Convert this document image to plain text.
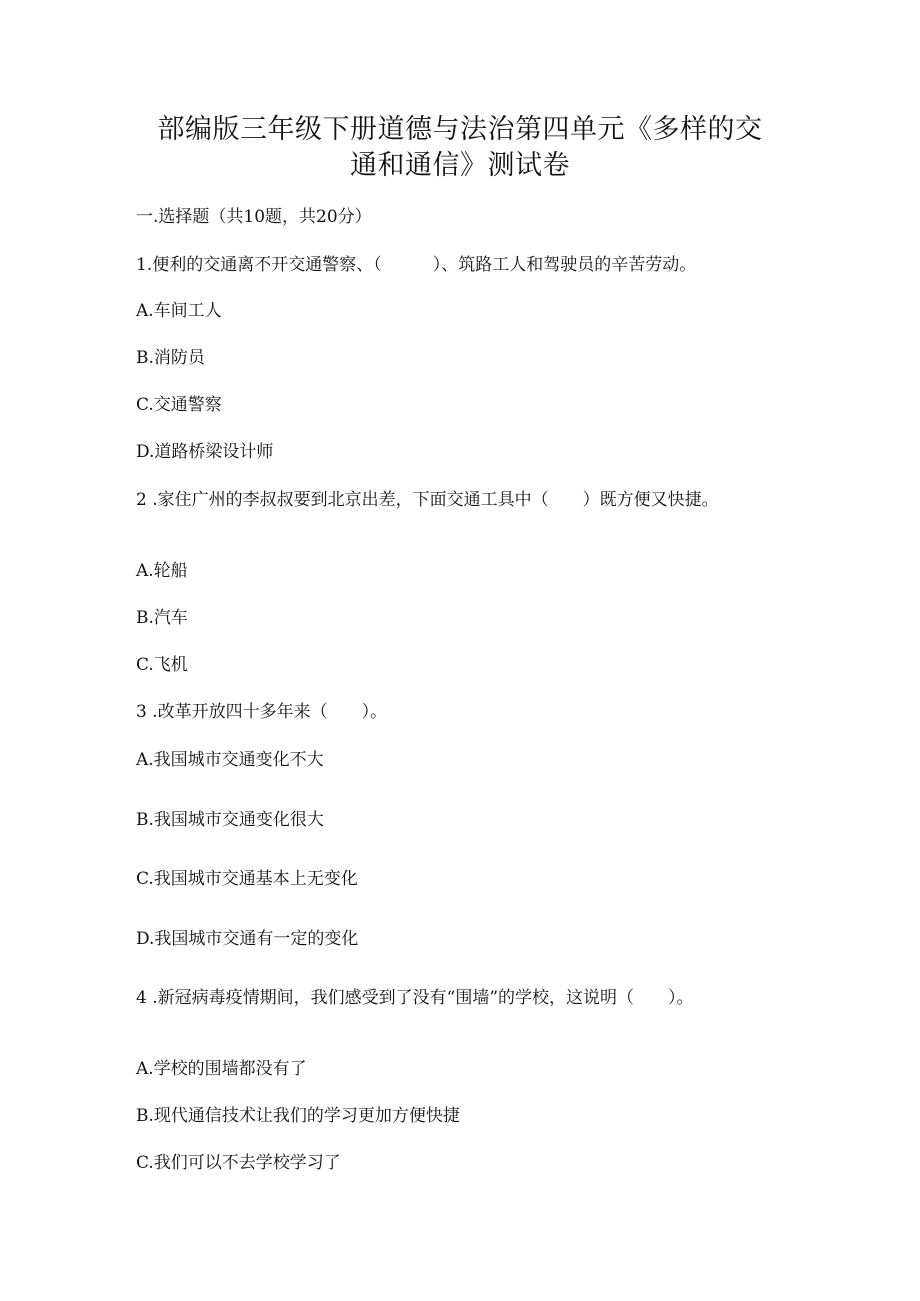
部编版三年级下册道德与法治第四单元《多样的交
通和通信》测试卷

一.选择题（共10题，共20分）

1.便利的交通离不开交通警察、（　　　）、筑路工人和驾驶员的辛苦劳动。

A.车间工人

B.消防员

C.交通警察

D.道路桥梁设计师

2 .家住广州的李叔叔要到北京出差，下面交通工具中（　　）既方便又快捷。

A.轮船

B.汽车

C.飞机

3 .改革开放四十多年来（　　）。

A.我国城市交通变化不大

B.我国城市交通变化很大

C.我国城市交通基本上无变化

D.我国城市交通有一定的变化

4 .新冠病毒疫情期间，我们感受到了没有“围墙”的学校，这说明（　　）。

A.学校的围墙都没有了

B.现代通信技术让我们的学习更加方便快捷

C.我们可以不去学校学习了
